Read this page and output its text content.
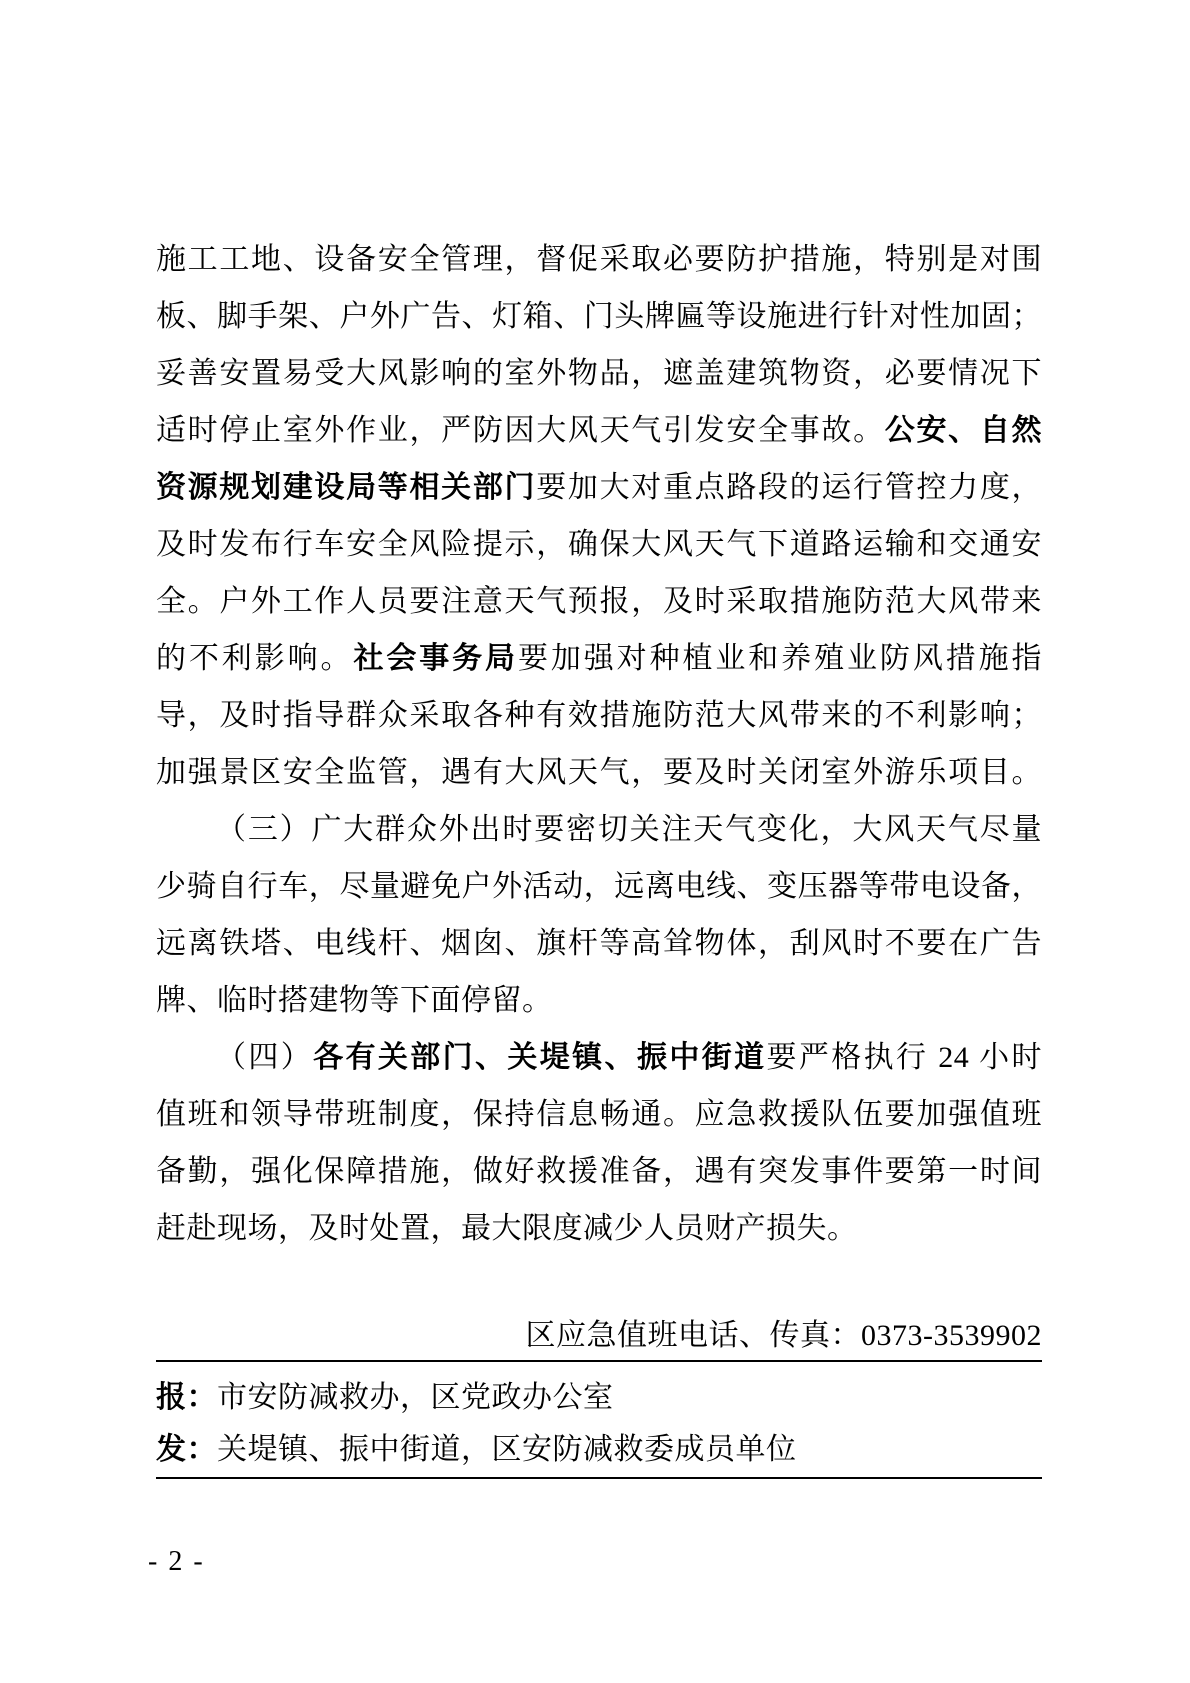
施工工地、设备安全管理，督促采取必要防护措施，特别是对围
板、脚手架、户外广告、灯箱、门头牌匾等设施进行针对性加固；
妥善安置易受大风影响的室外物品，遮盖建筑物资，必要情况下
适时停止室外作业，严防因大风天气引发安全事故。公安、自然
资源规划建设局等相关部门要加大对重点路段的运行管控力度，
及时发布行车安全风险提示，确保大风天气下道路运输和交通安
全。户外工作人员要注意天气预报，及时采取措施防范大风带来
的不利影响。社会事务局要加强对种植业和养殖业防风措施指
导，及时指导群众采取各种有效措施防范大风带来的不利影响；
加强景区安全监管，遇有大风天气，要及时关闭室外游乐项目。
（三）广大群众外出时要密切关注天气变化，大风天气尽量
少骑自行车，尽量避免户外活动，远离电线、变压器等带电设备，
远离铁塔、电线杆、烟囱、旗杆等高耸物体，刮风时不要在广告
牌、临时搭建物等下面停留。
（四）各有关部门、关堤镇、振中街道要严格执行 24 小时
值班和领导带班制度，保持信息畅通。应急救援队伍要加强值班
备勤，强化保障措施，做好救援准备，遇有突发事件要第一时间
赶赴现场，及时处置，最大限度减少人员财产损失。
区应急值班电话、传真：0373-3539902
报：市安防减救办，区党政办公室
发：关堤镇、振中街道，区安防减救委成员单位
- 2 -
